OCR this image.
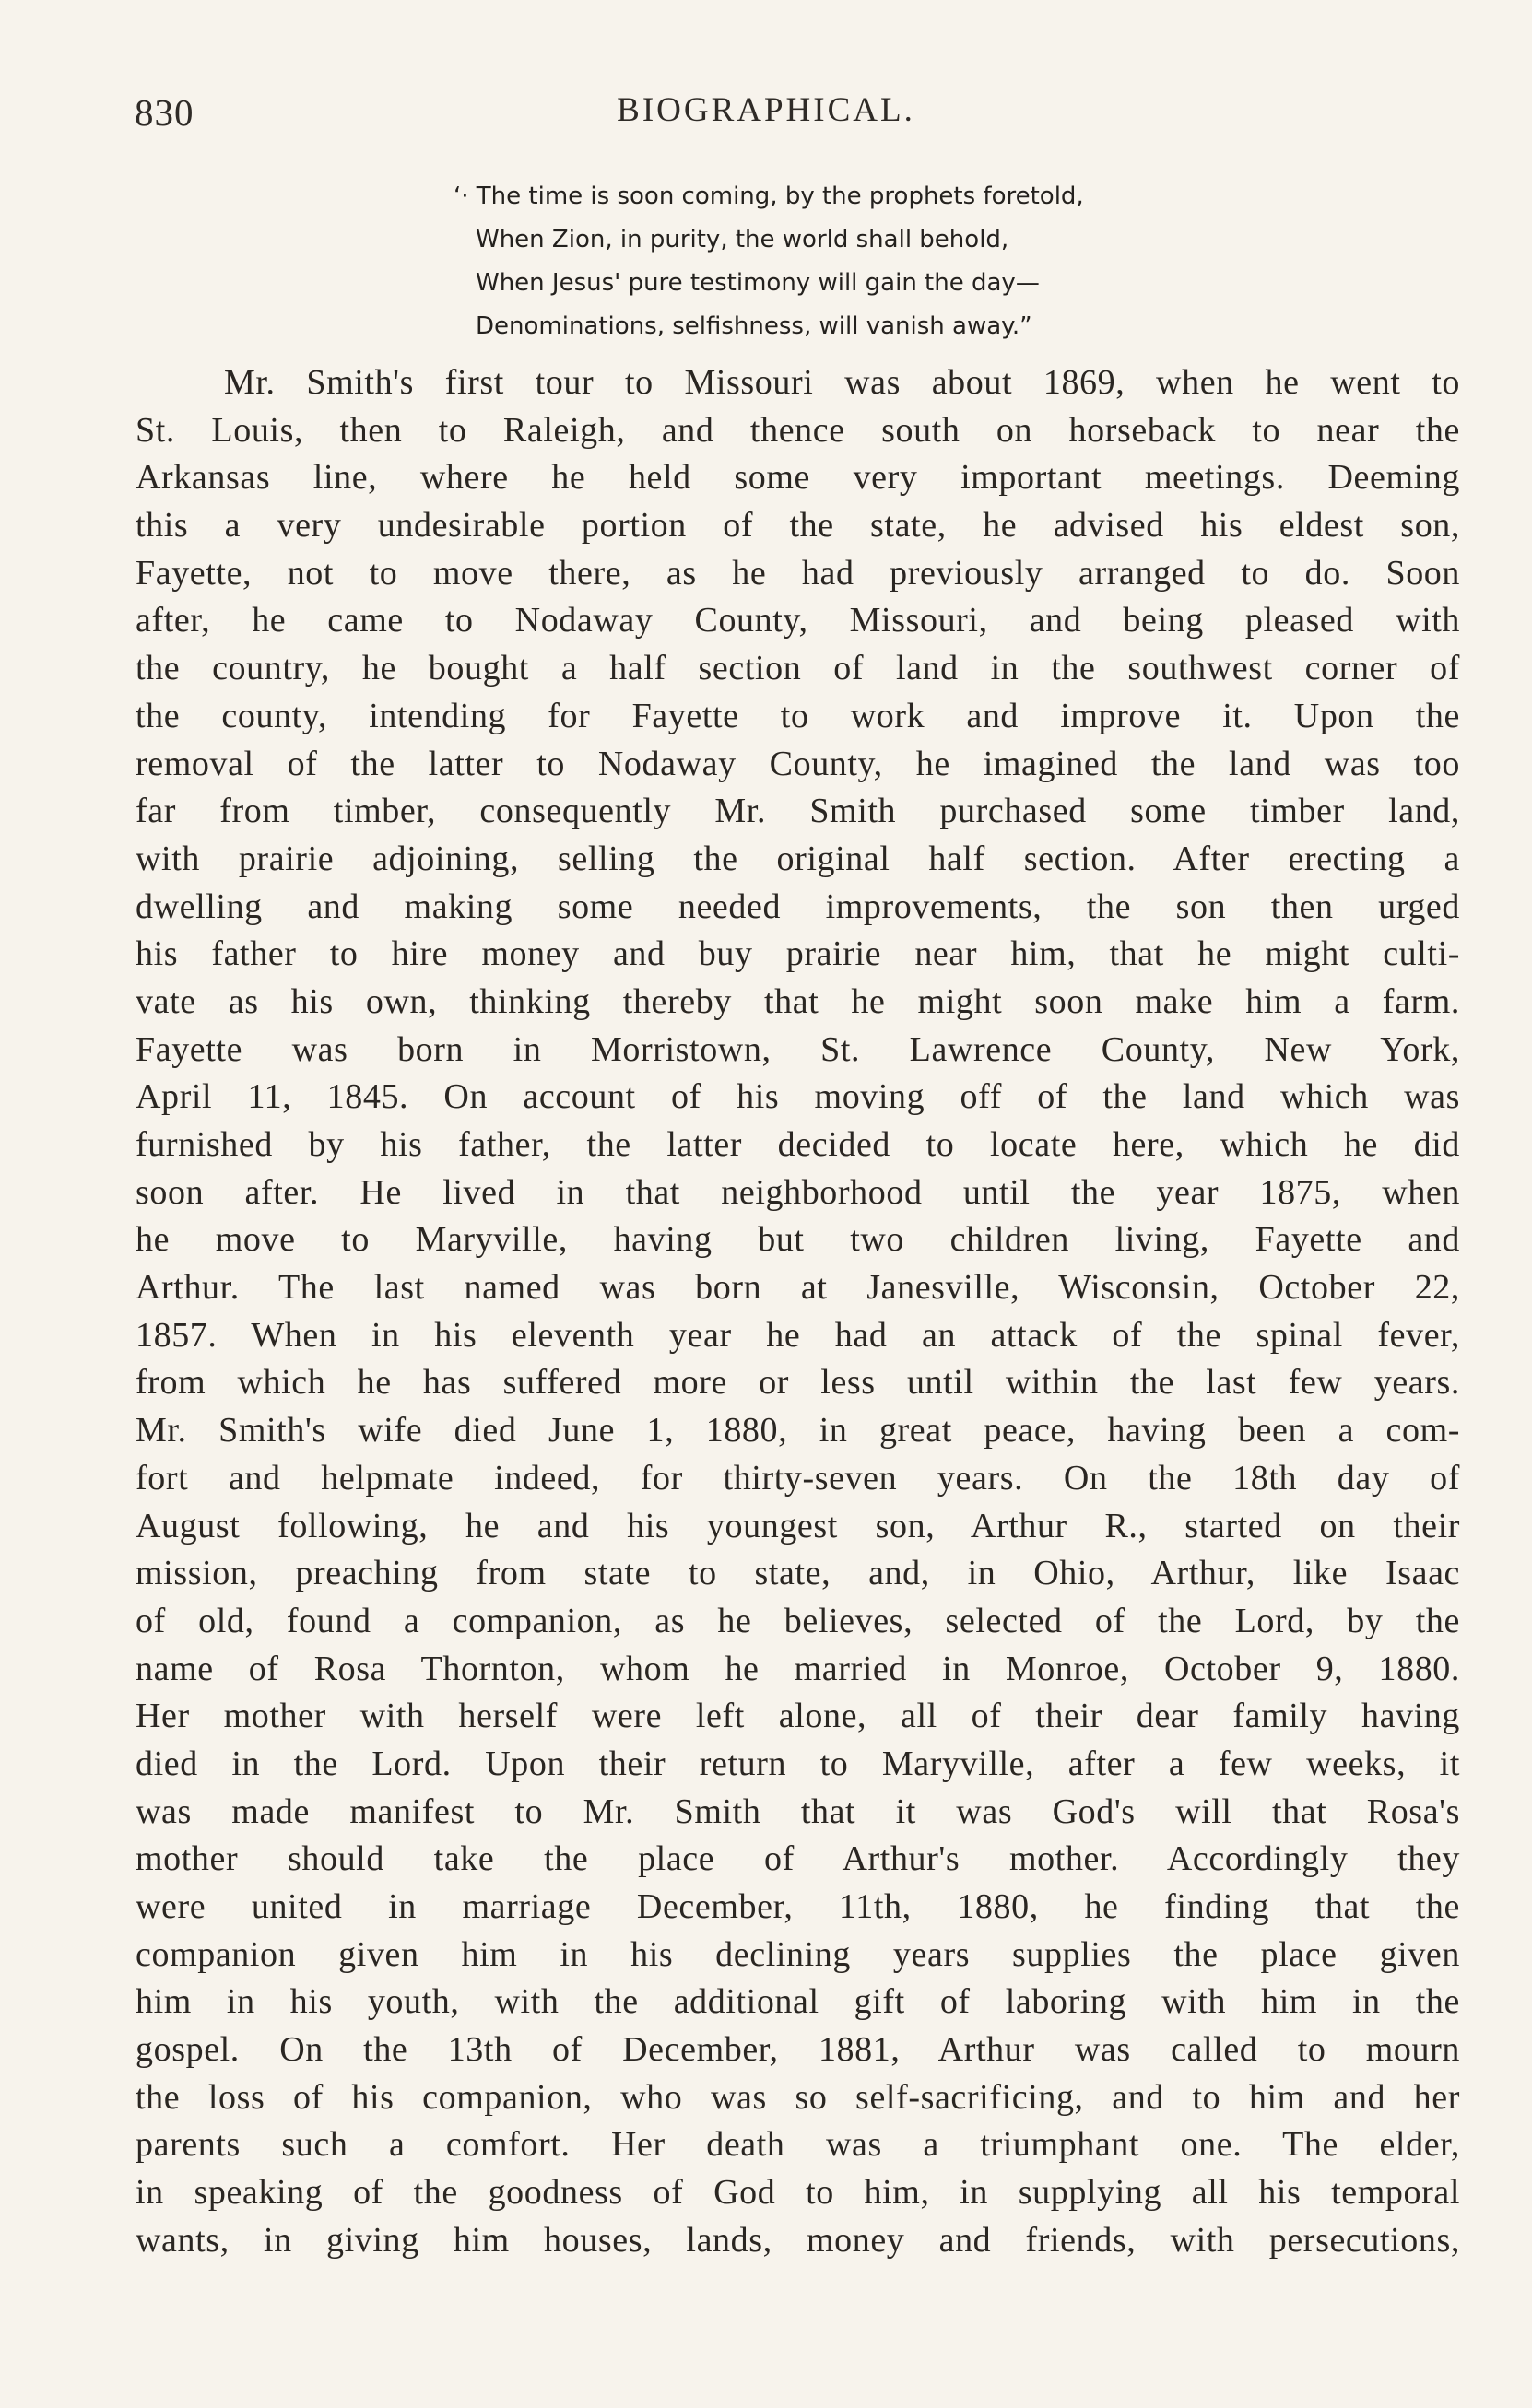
830	BIOGRAPHICAL.
‘· The time is soon coming, by the prophets foretold,
When Zion, in purity, the world shall behold,
When Jesus' pure testimony will gain the day—
Denominations, selfishness, will vanish away.”
Mr. Smith's first tour to Missouri was about 1869, when he went to
St. Louis, then to Raleigh, and thence south on horseback to near the
Arkansas line, where he held some very important meetings. Deeming
this a very undesirable portion of the state, he advised his eldest son,
Fayette, not to move there, as he had previously arranged to do. Soon
after, he came to Nodaway County, Missouri, and being pleased with
the country, he bought a half section of land in the southwest corner of
the county, intending for Fayette to work and improve it. Upon the
removal of the latter to Nodaway County, he imagined the land was too
far from timber, consequently Mr. Smith purchased some timber land,
with prairie adjoining, selling the original half section. After erecting a
dwelling and making some needed improvements, the son then urged
his father to hire money and buy prairie near him, that he might culti-
vate as his own, thinking thereby that he might soon make him a farm.
Fayette was born in Morristown, St. Lawrence County, New York,
April 11, 1845. On account of his moving off of the land which was
furnished by his father, the latter decided to locate here, which he did
soon after. He lived in that neighborhood until the year 1875, when
he move to Maryville, having but two children living, Fayette and
Arthur. The last named was born at Janesville, Wisconsin, October 22,
1857. When in his eleventh year he had an attack of the spinal fever,
from which he has suffered more or less until within the last few years.
Mr. Smith's wife died June 1, 1880, in great peace, having been a com-
fort and helpmate indeed, for thirty-seven years. On the 18th day of
August following, he and his youngest son, Arthur R., started on their
mission, preaching from state to state, and, in Ohio, Arthur, like Isaac
of old, found a companion, as he believes, selected of the Lord, by the
name of Rosa Thornton, whom he married in Monroe, October 9, 1880.
Her mother with herself were left alone, all of their dear family having
died in the Lord. Upon their return to Maryville, after a few weeks, it
was made manifest to Mr. Smith that it was God's will that Rosa's
mother should take the place of Arthur's mother. Accordingly they
were united in marriage December, 11th, 1880, he finding that the
companion given him in his declining years supplies the place given
him in his youth, with the additional gift of laboring with him in the
gospel. On the 13th of December, 1881, Arthur was called to mourn
the loss of his companion, who was so self-sacrificing, and to him and her
parents such a comfort. Her death was a triumphant one. The elder,
in speaking of the goodness of God to him, in supplying all his temporal
wants, in giving him houses, lands, money and friends, with persecutions,
